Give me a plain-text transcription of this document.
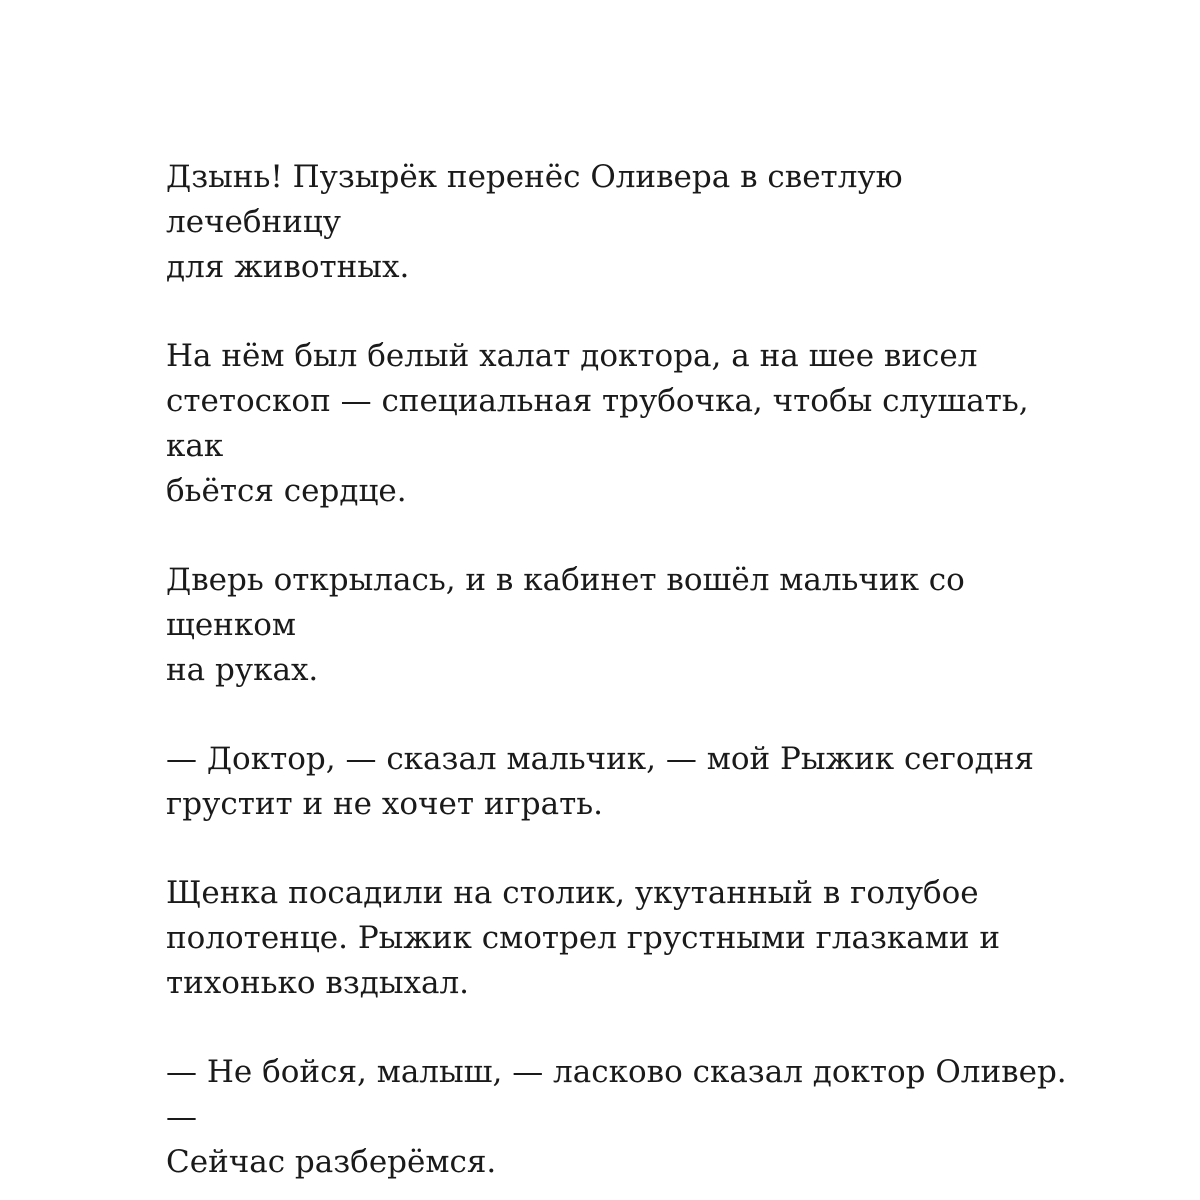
Дзынь! Пузырёк перенёс Оливера в светлую лечебницу
для животных.

На нём был белый халат доктора, а на шее висел
стетоскоп — специальная трубочка, чтобы слушать, как
бьётся сердце.

Дверь открылась, и в кабинет вошёл мальчик со щенком
на руках.

— Доктор, — сказал мальчик, — мой Рыжик сегодня
грустит и не хочет играть.

Щенка посадили на столик, укутанный в голубое
полотенце. Рыжик смотрел грустными глазками и
тихонько вздыхал.

— Не бойся, малыш, — ласково сказал доктор Оливер. —
Сейчас разберёмся.
